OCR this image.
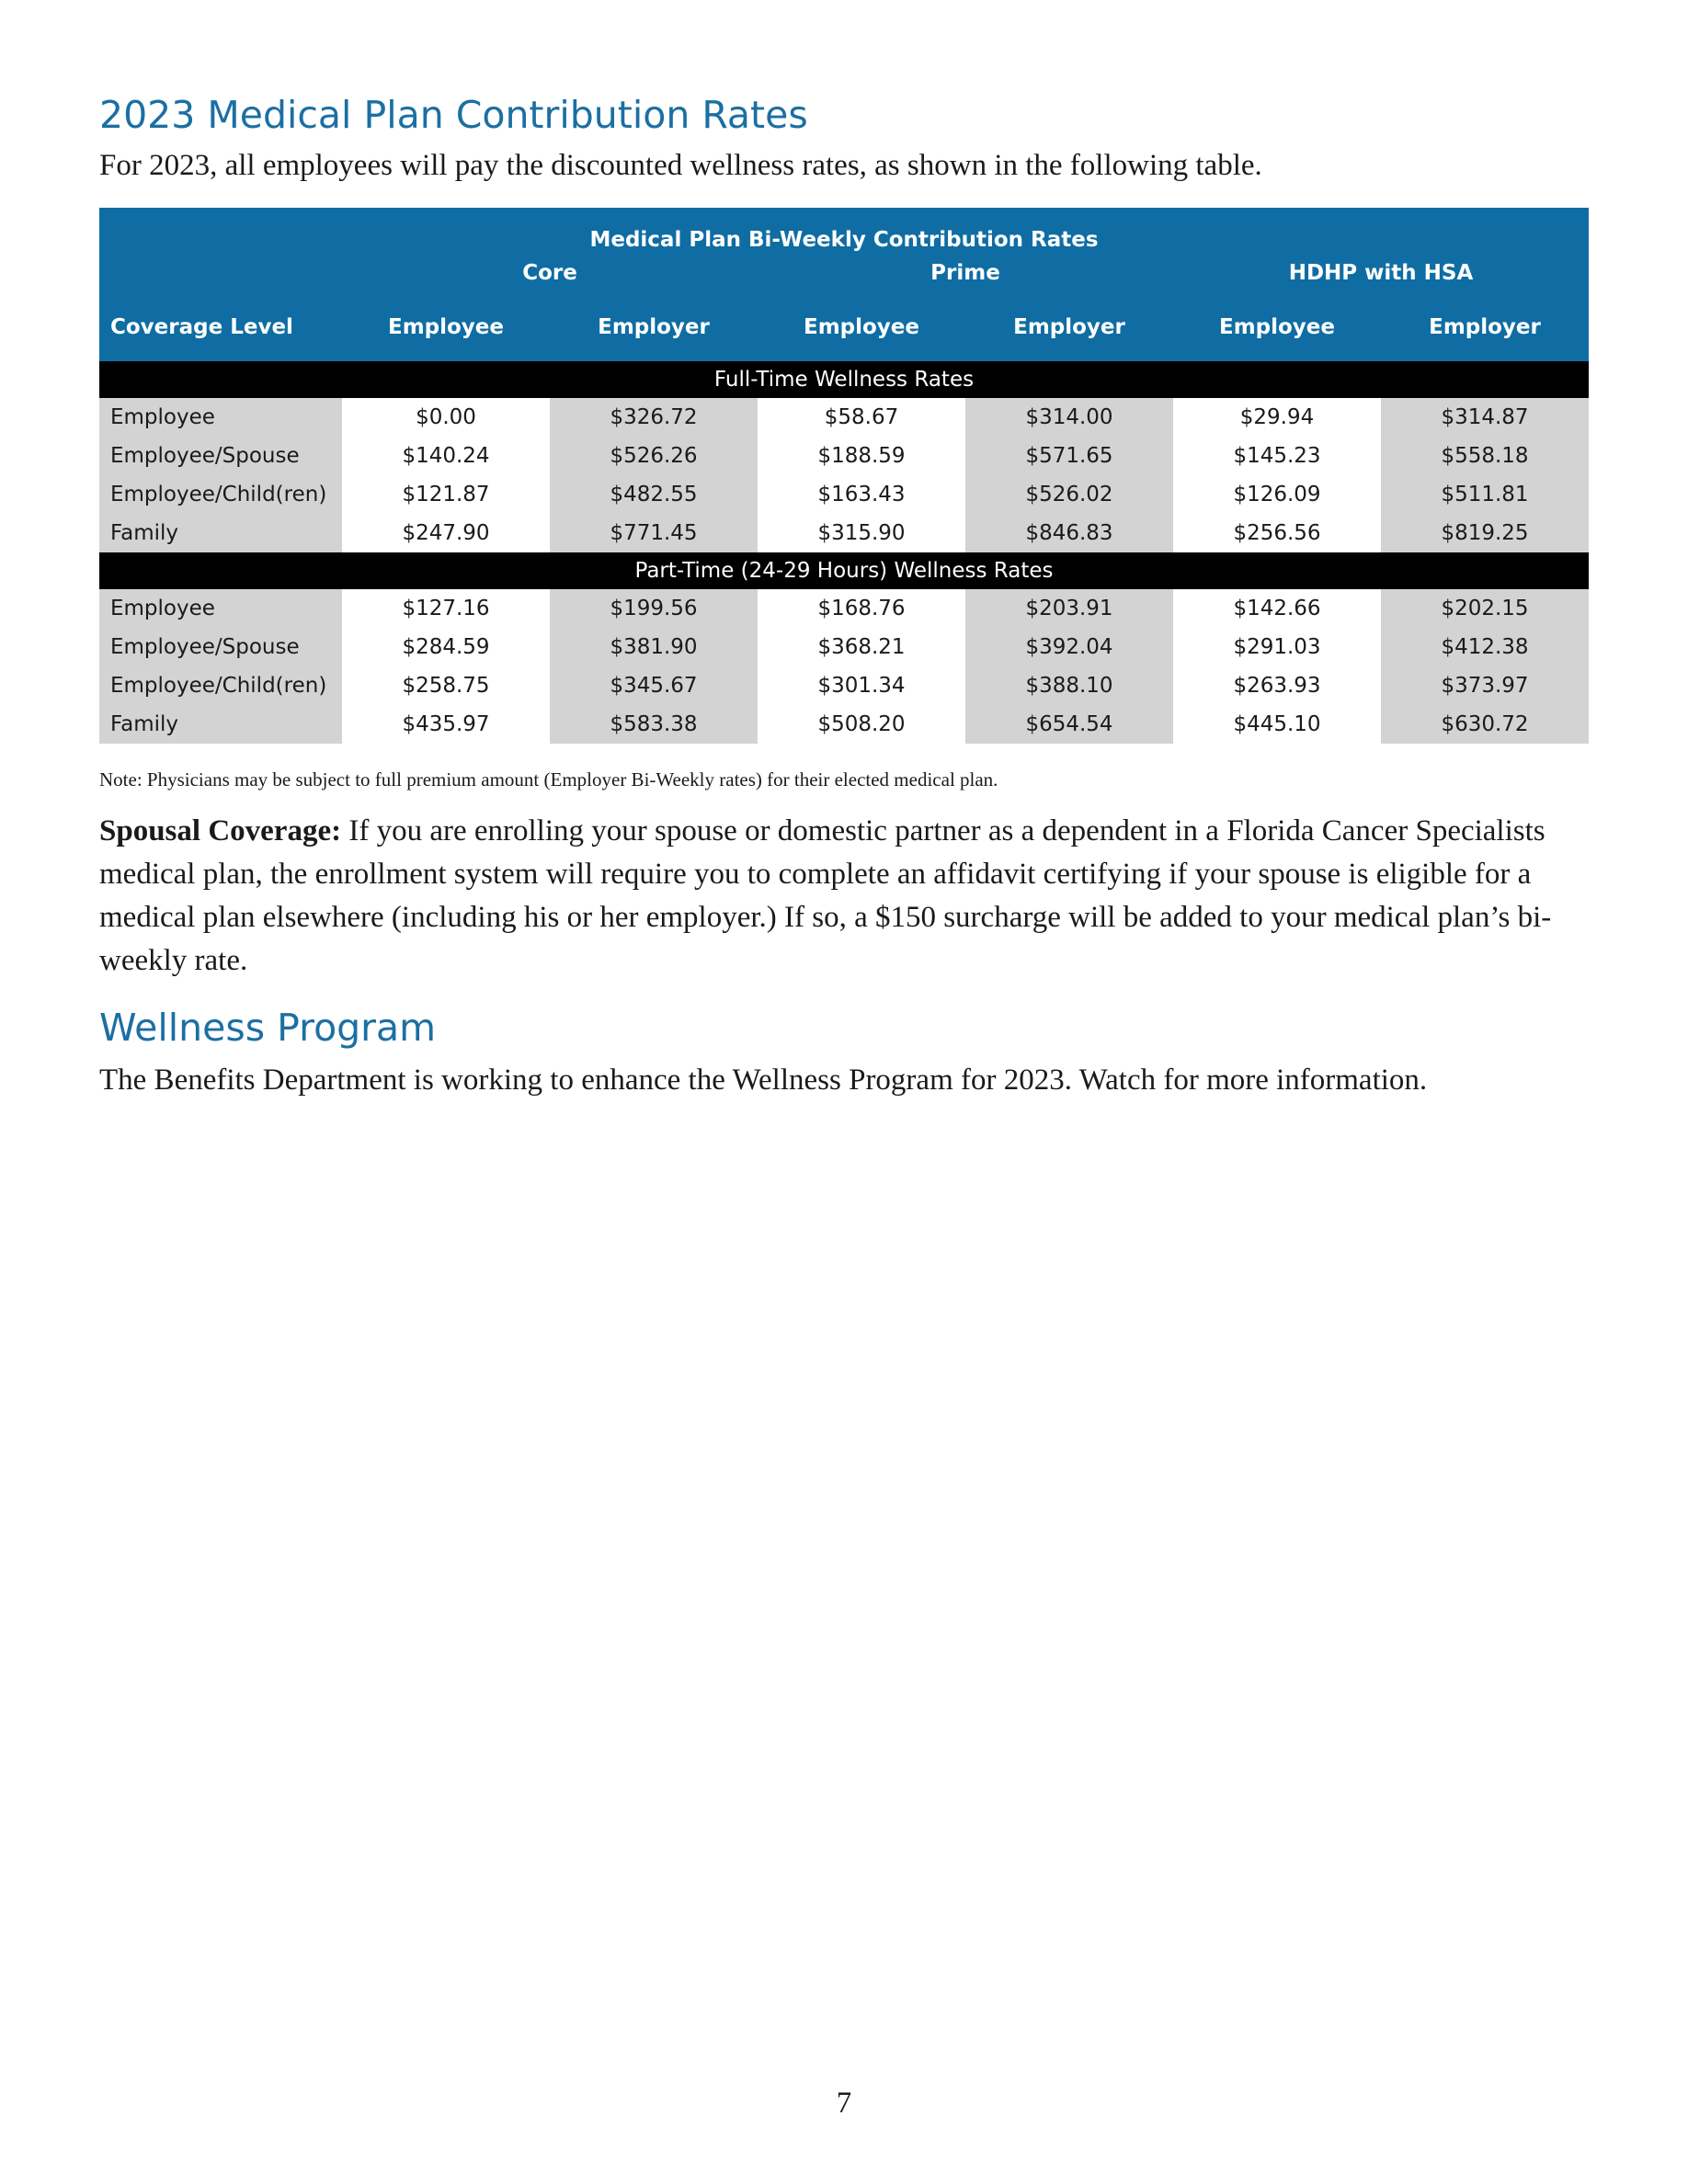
2023 Medical Plan Contribution Rates

For 2023, all employees will pay the discounted wellness rates, as shown in the following table.

Medical Plan Bi-Weekly Contribution Rates						
	Core		Prime		HDHP with HSA	
Coverage Level	Employee	Employer	Employee	Employer	Employee	Employer
Full-Time Wellness Rates						
Employee	$0.00	$326.72	$58.67	$314.00	$29.94	$314.87
Employee/Spouse	$140.24	$526.26	$188.59	$571.65	$145.23	$558.18
Employee/Child(ren)	$121.87	$482.55	$163.43	$526.02	$126.09	$511.81
Family	$247.90	$771.45	$315.90	$846.83	$256.56	$819.25
Part-Time (24-29 Hours) Wellness Rates						
Employee	$127.16	$199.56	$168.76	$203.91	$142.66	$202.15
Employee/Spouse	$284.59	$381.90	$368.21	$392.04	$291.03	$412.38
Employee/Child(ren)	$258.75	$345.67	$301.34	$388.10	$263.93	$373.97
Family	$435.97	$583.38	$508.20	$654.54	$445.10	$630.72

Note: Physicians may be subject to full premium amount (Employer Bi-Weekly rates) for their elected medical plan.

Spousal Coverage: If you are enrolling your spouse or domestic partner as a dependent in a Florida Cancer Specialists medical plan, the enrollment system will require you to complete an affidavit certifying if your spouse is eligible for a medical plan elsewhere (including his or her employer.) If so, a $150 surcharge will be added to your medical plan’s bi-weekly rate.

Wellness Program

The Benefits Department is working to enhance the Wellness Program for 2023. Watch for more information.

7
